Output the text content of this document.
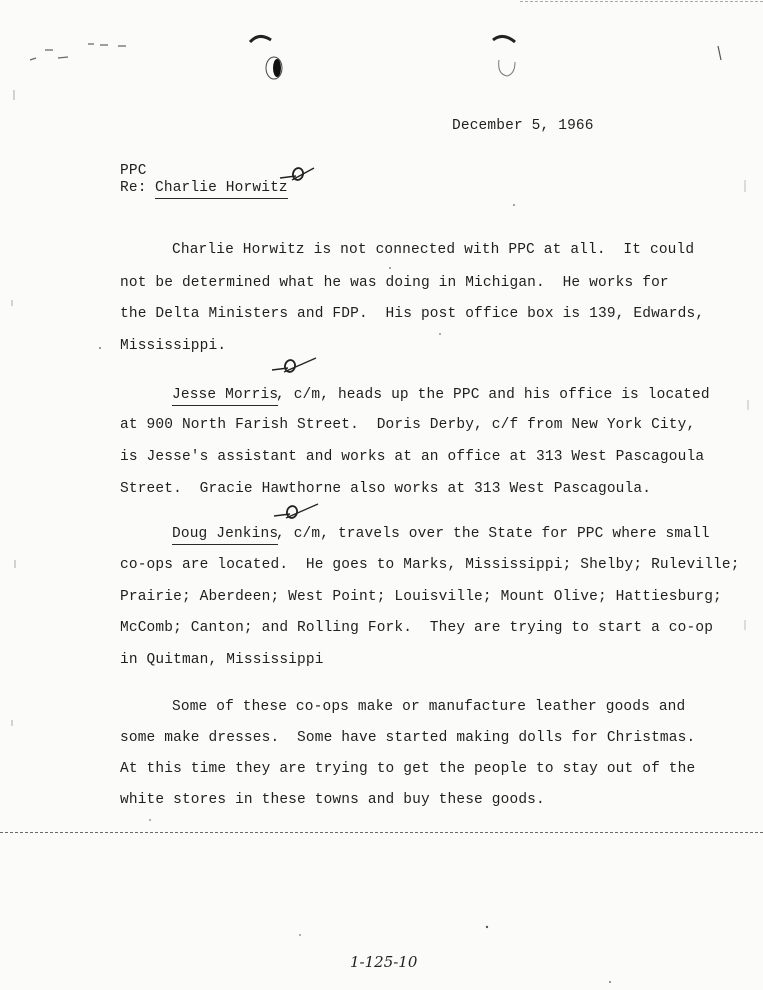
December 5, 1966
PPC
Re: Charlie Horwitz
Charlie Horwitz is not connected with PPC at all.  It could
not be determined what he was doing in Michigan.  He works for
the Delta Ministers and FDP.  His post office box is 139, Edwards,
Mississippi.
Jesse Morris
, c/m, heads up the PPC and his office is located
at 900 North Farish Street.  Doris Derby, c/f from New York City,
is Jesse's assistant and works at an office at 313 West Pascagoula
Street.  Gracie Hawthorne also works at 313 West Pascagoula.
Doug Jenkins
, c/m, travels over the State for PPC where small
co-ops are located.  He goes to Marks, Mississippi; Shelby; Ruleville;
Prairie; Aberdeen; West Point; Louisville; Mount Olive; Hattiesburg;
McComb; Canton; and Rolling Fork.  They are trying to start a co-op
in Quitman, Mississippi
Some of these co-ops make or manufacture leather goods and
some make dresses.  Some have started making dolls for Christmas.
At this time they are trying to get the people to stay out of the
white stores in these towns and buy these goods.
1-125-10
